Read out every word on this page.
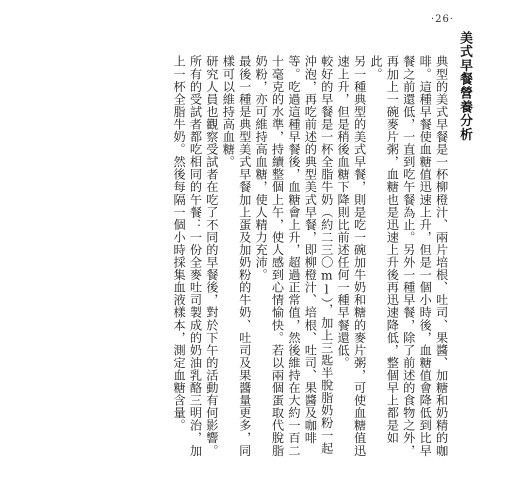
‧26‧
美式早餐營養分析

典型的美式早餐是一杯柳橙汁、兩片培根、吐司、果醬、加糖和奶精的咖啡。這種早餐使血糖值迅速上升，但是一個小時後，血糖值會降低到比早餐之前還低，一直到吃午餐為止。另外一種早餐，除了前述的食物之外，再加上一碗麥片粥，血糖也是迅速上升後再迅速降低，整個早上都是如此。

另一種典型的美式早餐，則是吃一碗加牛奶和糖的麥片粥，可使血糖值迅速上升，但是稍後血糖下降則比前述任何一種早餐還低。

較好的早餐是一杯全脂牛奶（約二三〇ml），加上三匙半脫脂奶粉一起沖泡，再吃前述的典型美式早餐，即柳橙汁、培根、吐司、果醬及咖啡等。吃過這種早餐後，血糖會上升，超過正常值，然後維持在大約一百二十毫克的水準，持續整個上午，使人感到心情愉快。若以兩個蛋取代脫脂奶粉，亦可維持高血糖，使人精力充沛。

最後一種是典型美式早餐加上蛋及加奶粉的牛奶、吐司及果醬量更多，同樣可以維持高血糖。

研究人員也觀察受試者在吃了不同的早餐後，對於下午的活動有何影響。所有的受試者都吃相同的午餐：一份全麥吐司製成的奶油乳酪三明治，加上一杯全脂牛奶。然後每隔一個小時採集血液樣本，測定血糖含量。
